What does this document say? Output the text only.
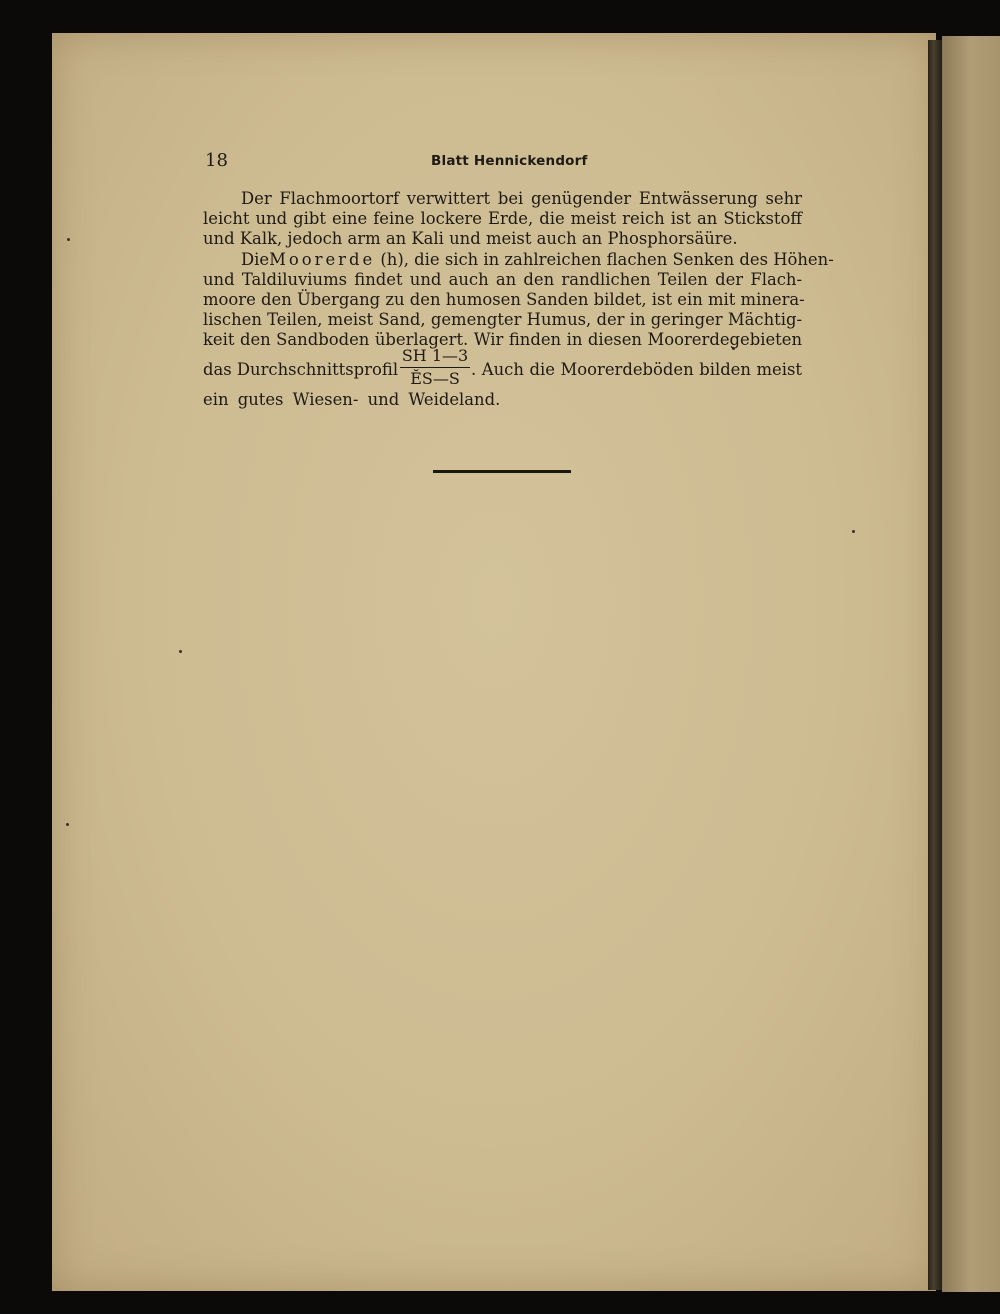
18	Blatt Hennickendorf
Der Flachmoortorf verwittert bei genügender Entwässerung sehr
leicht und gibt eine feine lockere Erde, die meist reich ist an Stickstoff
und Kalk, jedoch arm an Kali und meist auch an Phosphorsäüre.
DieMoorerde (h), die sich in zahlreichen flachen Senken des Höhen-
und Taldiluviums findet und auch an den randlichen Teilen der Flach-
moore den Übergang zu den humosen Sanden bildet, ist ein mit minera-
lischen Teilen, meist Sand, gemengter Humus, der in geringer Mächtig-
keit den Sandboden überlagert. Wir finden in diesen Moorerdegebieten
das Durchschnittsprofil
SH 1—3
ĔS—S . Auch die Moorerdeböden bilden meist
ein gutes Wiesen- und Weideland.
